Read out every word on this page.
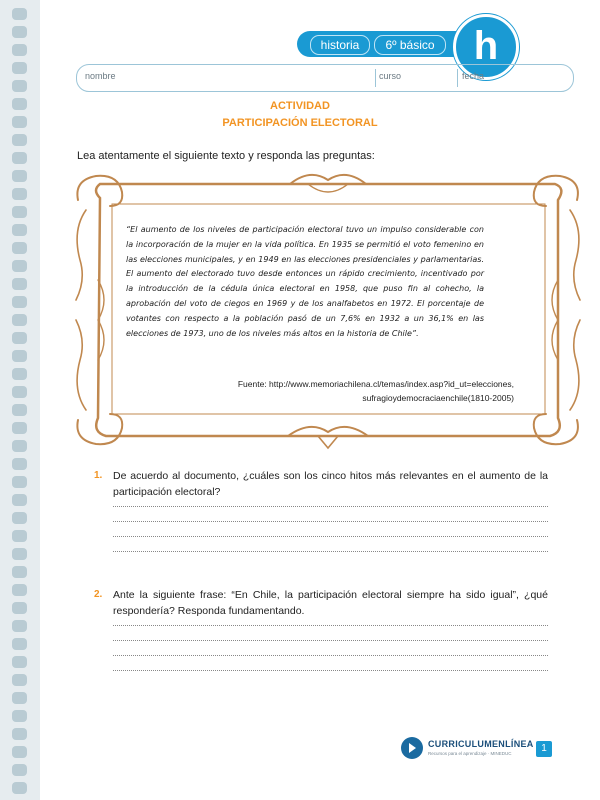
historia	6º básico h
nombre	curso	fecha
ACTIVIDAD
PARTICIPACIÓN ELECTORAL
Lea atentamente el siguiente texto y responda las preguntas:
“El aumento de los niveles de participación electoral tuvo un impulso considerable con la incorporación de la mujer en la vida política. En 1935 se permitió el voto femenino en las elecciones municipales, y en 1949 en las elecciones presidenciales y parlamentarias. El aumento del electorado tuvo desde entonces un rápido crecimiento, incentivado por la introducción de la cédula única electoral en 1958, que puso fin al cohecho, la aprobación del voto de ciegos en 1969 y de los analfabetos en 1972. El porcentaje de votantes con respecto a la población pasó de un 7,6% en 1932 a un 36,1% en las elecciones de 1973, uno de los niveles más altos en la historia de Chile”.
Fuente: http://www.memoriachilena.cl/temas/index.asp?id_ut=elecciones,
sufragioydemocraciaenchile(1810-2005)
1. De acuerdo al documento, ¿cuáles son los cinco hitos más relevantes en el aumento de la participación electoral?
2. Ante la siguiente frase: “En Chile, la participación electoral siempre ha sido igual”, ¿qué respondería? Responda fundamentando.
CURRICULUMENLÍNEA
Recursos para el aprendizaje · MINEDUC	1
